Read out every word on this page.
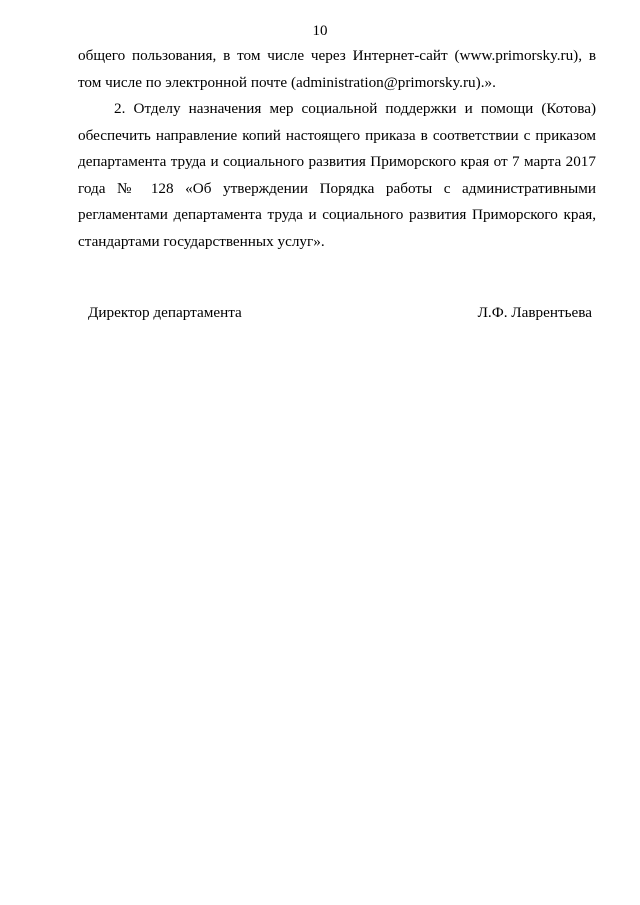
10

общего пользования, в том числе через Интернет-сайт (www.primorsky.ru), в том числе по электронной почте (administration@primorsky.ru).».

2. Отделу назначения мер социальной поддержки и помощи (Котова) обеспечить направление копий настоящего приказа в соответствии с приказом департамента труда и социального развития Приморского края от 7 марта 2017 года № 128 «Об утверждении Порядка работы с административными регламентами департамента труда и социального развития Приморского края, стандартами государственных услуг».

Директор департамента	Л.Ф. Лаврентьева
